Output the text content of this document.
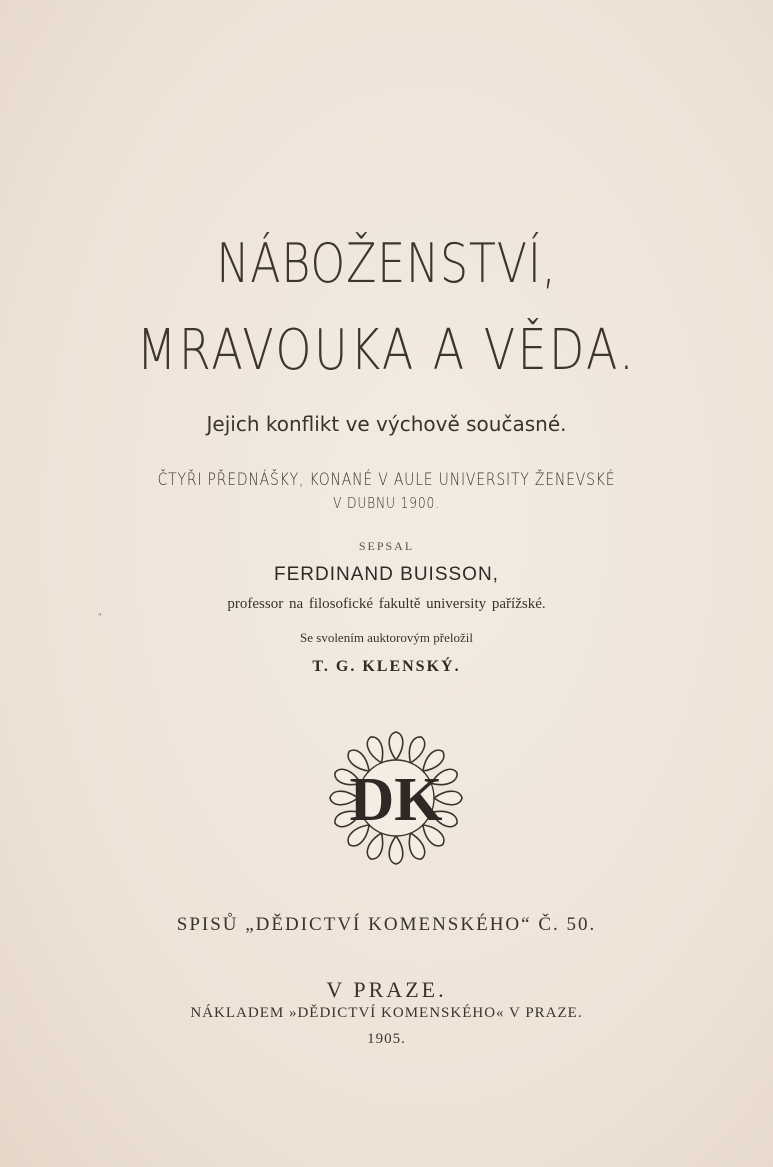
NÁBOŽENSTVÍ,
MRAVOUKA A VĚDA.
Jejich konflikt ve výchově současné.
ČTYŘI PŘEDNÁŠKY, KONANÉ V AULE UNIVERSITY ŽENEVSKÉ
V DUBNU 1900.
SEPSAL
FERDINAND BUISSON,
professor na filosofické fakultě university pařížské.
Se svolením auktorovým přeložil
T. G. KLENSKÝ.
"
DK
SPISŮ „DĚDICTVÍ KOMENSKÉHO“ Č. 50.
V PRAZE.
NÁKLADEM »DĚDICTVÍ KOMENSKÉHO« V PRAZE.
1905.
